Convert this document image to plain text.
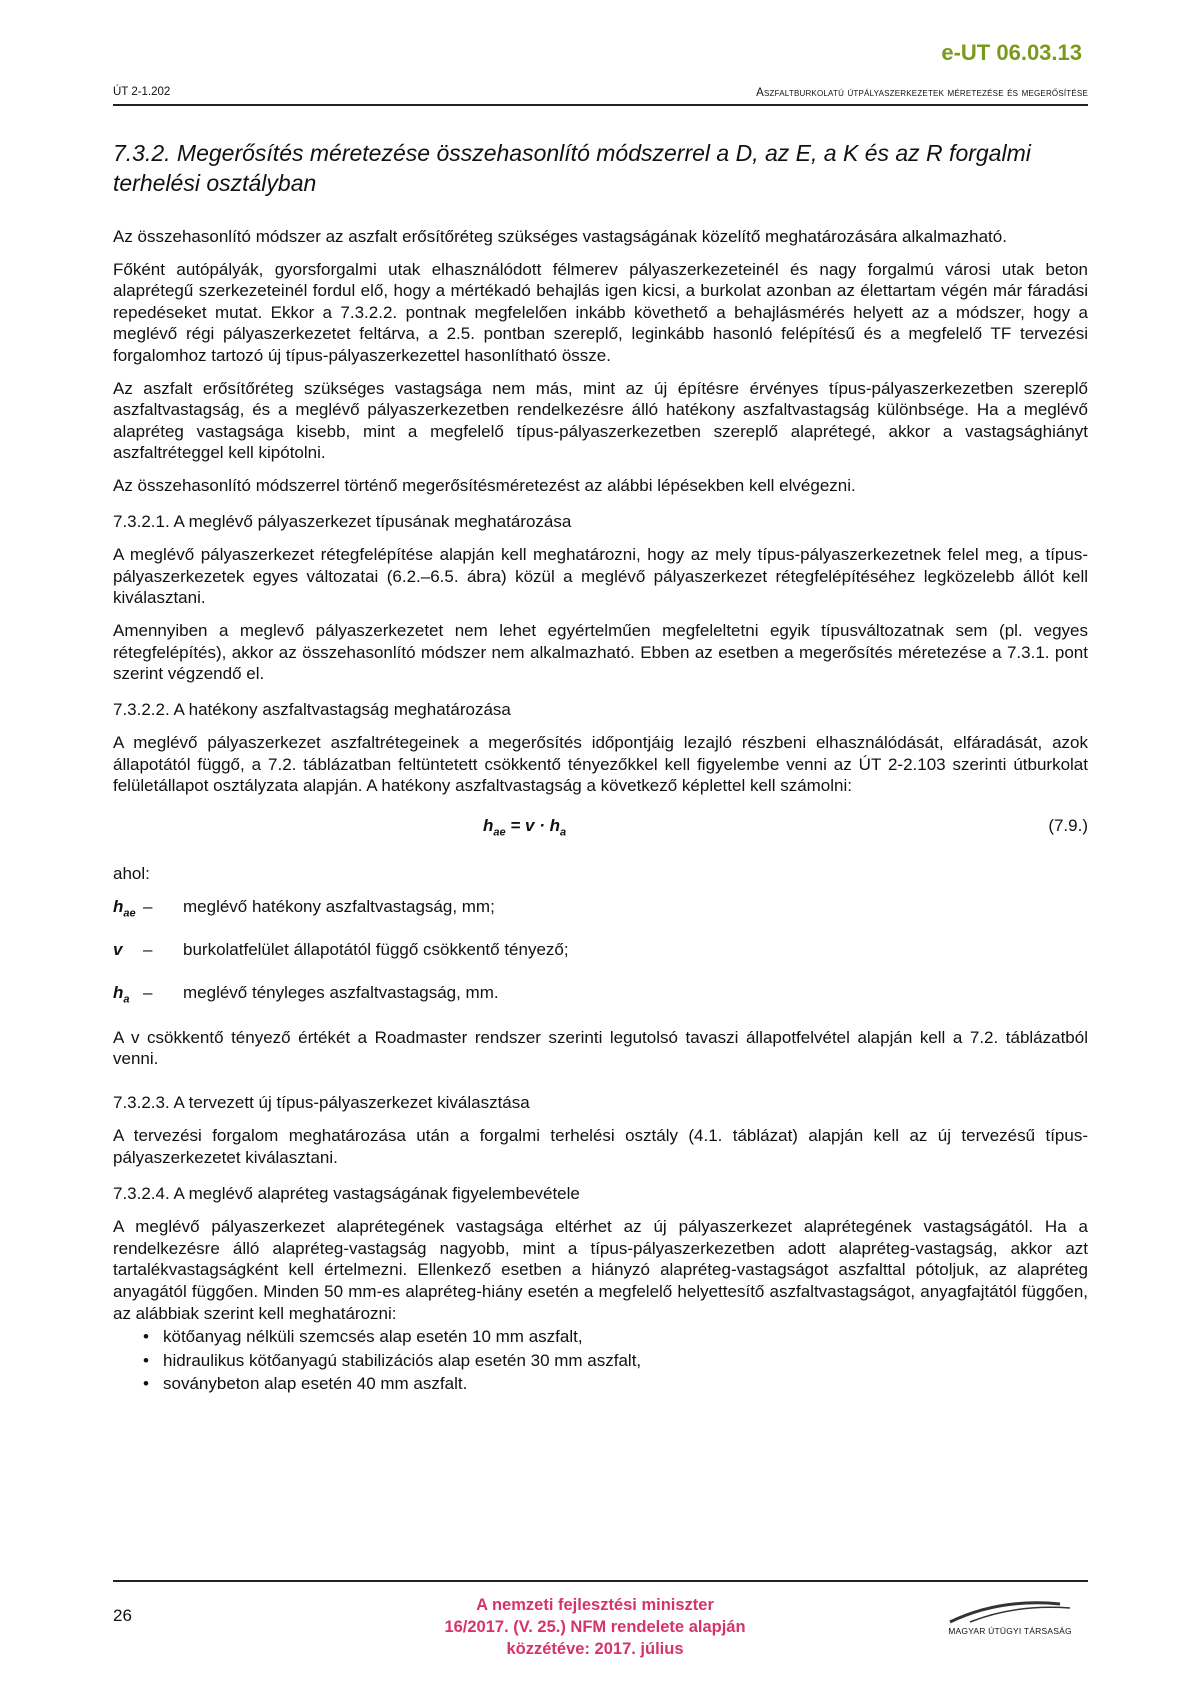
e-UT 06.03.13
ÚT 2-1.202	Aszfaltburkolatú útpályaszerkezetek méretezése és megerősítése
7.3.2. Megerősítés méretezése összehasonlító módszerrel a D, az E, a K és az R forgalmi terhelési osztályban

Az összehasonlító módszer az aszfalt erősítőréteg szükséges vastagságának közelítő meghatározására alkalmazható.

Főként autópályák, gyorsforgalmi utak elhasználódott félmerev pályaszerkezeteinél és nagy forgalmú városi utak beton alaprétegű szerkezeteinél fordul elő, hogy a mértékadó behajlás igen kicsi, a burkolat azonban az élettartam végén már fáradási repedéseket mutat. Ekkor a 7.3.2.2. pontnak megfelelően inkább követhető a behajlásmérés helyett az a módszer, hogy a meglévő régi pályaszerkezetet feltárva, a 2.5. pontban szereplő, leginkább hasonló felépítésű és a megfelelő TF tervezési forgalomhoz tartozó új típus-pályaszerkezettel hasonlítható össze.

Az aszfalt erősítőréteg szükséges vastagsága nem más, mint az új építésre érvényes típus-pályaszerkezetben szereplő aszfaltvastagság, és a meglévő pályaszerkezetben rendelkezésre álló hatékony aszfaltvastagság különbsége. Ha a meglévő alapréteg vastagsága kisebb, mint a megfelelő típus-pályaszerkezetben szereplő alaprétegé, akkor a vastagsághiányt aszfaltréteggel kell kipótolni.

Az összehasonlító módszerrel történő megerősítésméretezést az alábbi lépésekben kell elvégezni.

7.3.2.1. A meglévő pályaszerkezet típusának meghatározása

A meglévő pályaszerkezet rétegfelépítése alapján kell meghatározni, hogy az mely típus-pályaszerkezetnek felel meg, a típus-pályaszerkezetek egyes változatai (6.2.–6.5. ábra) közül a meglévő pályaszerkezet rétegfelépítéséhez legközelebb állót kell kiválasztani.

Amennyiben a meglevő pályaszerkezetet nem lehet egyértelműen megfeleltetni egyik típusváltozatnak sem (pl. vegyes rétegfelépítés), akkor az összehasonlító módszer nem alkalmazható. Ebben az esetben a megerősítés méretezése a 7.3.1. pont szerint végzendő el.

7.3.2.2. A hatékony aszfaltvastagság meghatározása

A meglévő pályaszerkezet aszfaltrétegeinek a megerősítés időpontjáig lezajló részbeni elhasználódását, elfáradását, azok állapotától függő, a 7.2. táblázatban feltüntetett csökkentő tényezőkkel kell figyelembe venni az ÚT 2-2.103 szerinti útburkolat felületállapot osztályzata alapján. A hatékony aszfaltvastagság a következő képlettel kell számolni:

$h_{ae} = v \cdot h_a$	(7.9.)

ahol:

$h_{ae}$ –	meglévő hatékony aszfaltvastagság, mm;
v	–	burkolatfelület állapotától függő csökkentő tényező;
$h_a$ –	meglévő tényleges aszfaltvastagság, mm.

A v csökkentő tényező értékét a Roadmaster rendszer szerinti legutolsó tavaszi állapotfelvétel alapján kell a 7.2. táblázatból venni.

7.3.2.3. A tervezett új típus-pályaszerkezet kiválasztása

A tervezési forgalom meghatározása után a forgalmi terhelési osztály (4.1. táblázat) alapján kell az új tervezésű típus-pályaszerkezetet kiválasztani.

7.3.2.4. A meglévő alapréteg vastagságának figyelembevétele

A meglévő pályaszerkezet alaprétegének vastagsága eltérhet az új pályaszerkezet alaprétegének vastagságától. Ha a rendelkezésre álló alapréteg-vastagság nagyobb, mint a típus-pályaszerkezetben adott alapréteg-vastagság, akkor azt tartalékvastagságként kell értelmezni. Ellenkező esetben a hiányzó alapréteg-vastagságot aszfalttal pótoljuk, az alapréteg anyagától függően. Minden 50 mm-es alapréteg-hiány esetén a megfelelő helyettesítő aszfaltvastagságot, anyagfajtától függően, az alábbiak szerint kell meghatározni:

• kötőanyag nélküli szemcsés alap esetén 10 mm aszfalt,
• hidraulikus kötőanyagú stabilizációs alap esetén 30 mm aszfalt,
• soványbeton alap esetén 40 mm aszfalt.
26
A nemzeti fejlesztési miniszter
16/2017. (V. 25.) NFM rendelete alapján
közzétéve: 2017. július
MAGYAR ÚTÜGYI TÁRSASÁG
